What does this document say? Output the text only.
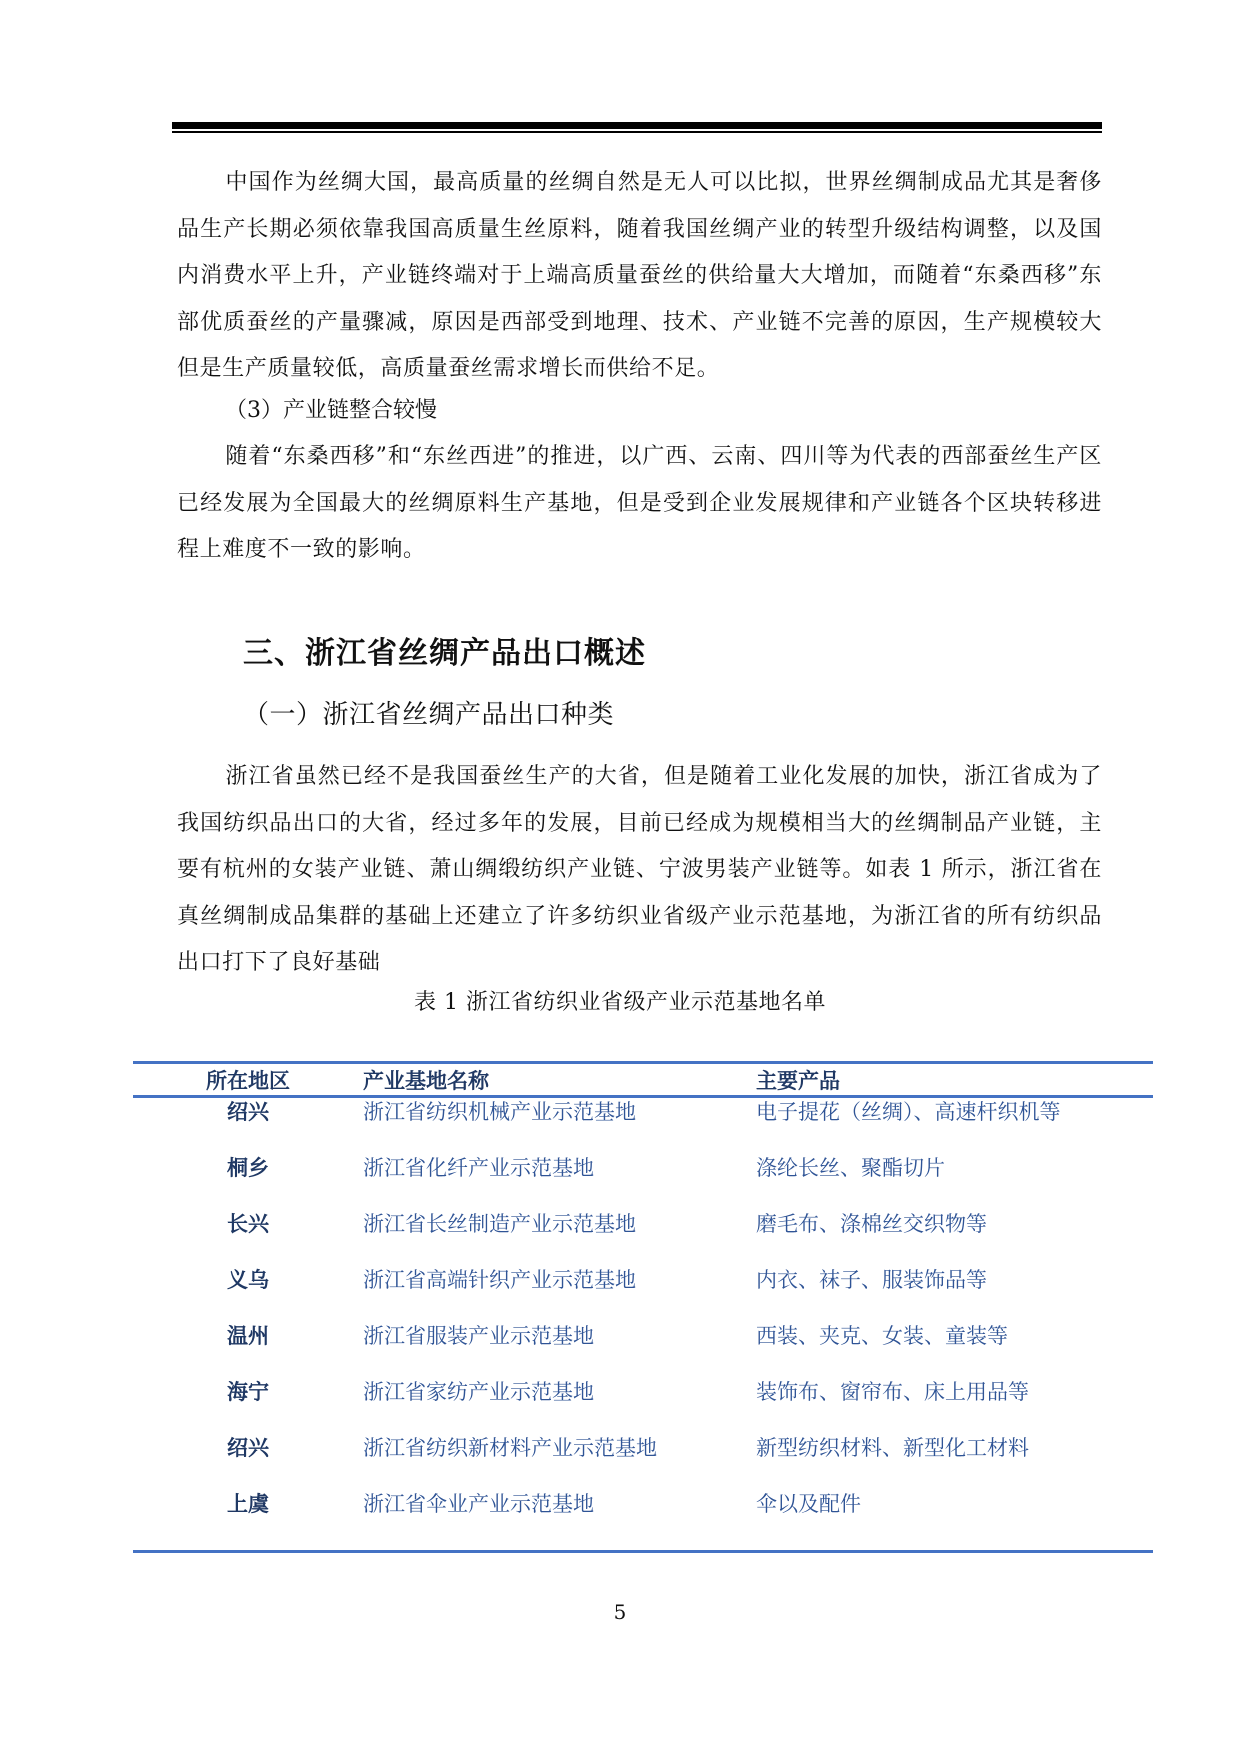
中国作为丝绸大国，最高质量的丝绸自然是无人可以比拟，世界丝绸制成品尤其是奢侈品生产长期必须依靠我国高质量生丝原料，随着我国丝绸产业的转型升级结构调整，以及国内消费水平上升，产业链终端对于上端高质量蚕丝的供给量大大增加，而随着“东桑西移”东部优质蚕丝的产量骤减，原因是西部受到地理、技术、产业链不完善的原因，生产规模较大但是生产质量较低，高质量蚕丝需求增长而供给不足。
（3）产业链整合较慢
随着“东桑西移”和“东丝西进”的推进，以广西、云南、四川等为代表的西部蚕丝生产区已经发展为全国最大的丝绸原料生产基地，但是受到企业发展规律和产业链各个区块转移进程上难度不一致的影响。
三、浙江省丝绸产品出口概述
（一）浙江省丝绸产品出口种类
浙江省虽然已经不是我国蚕丝生产的大省，但是随着工业化发展的加快，浙江省成为了我国纺织品出口的大省，经过多年的发展，目前已经成为规模相当大的丝绸制品产业链，主要有杭州的女装产业链、萧山绸缎纺织产业链、宁波男装产业链等。如表 1 所示，浙江省在真丝绸制成品集群的基础上还建立了许多纺织业省级产业示范基地，为浙江省的所有纺织品出口打下了良好基础
表 1 浙江省纺织业省级产业示范基地名单
所在地区	产业基地名称	主要产品
绍兴	浙江省纺织机械产业示范基地	电子提花（丝绸）、高速杆织机等
桐乡	浙江省化纤产业示范基地	涤纶长丝、聚酯切片
长兴	浙江省长丝制造产业示范基地	磨毛布、涤棉丝交织物等
义乌	浙江省高端针织产业示范基地	内衣、袜子、服装饰品等
温州	浙江省服装产业示范基地	西装、夹克、女装、童装等
海宁	浙江省家纺产业示范基地	装饰布、窗帘布、床上用品等
绍兴	浙江省纺织新材料产业示范基地	新型纺织材料、新型化工材料
上虞	浙江省伞业产业示范基地	伞以及配件
5
